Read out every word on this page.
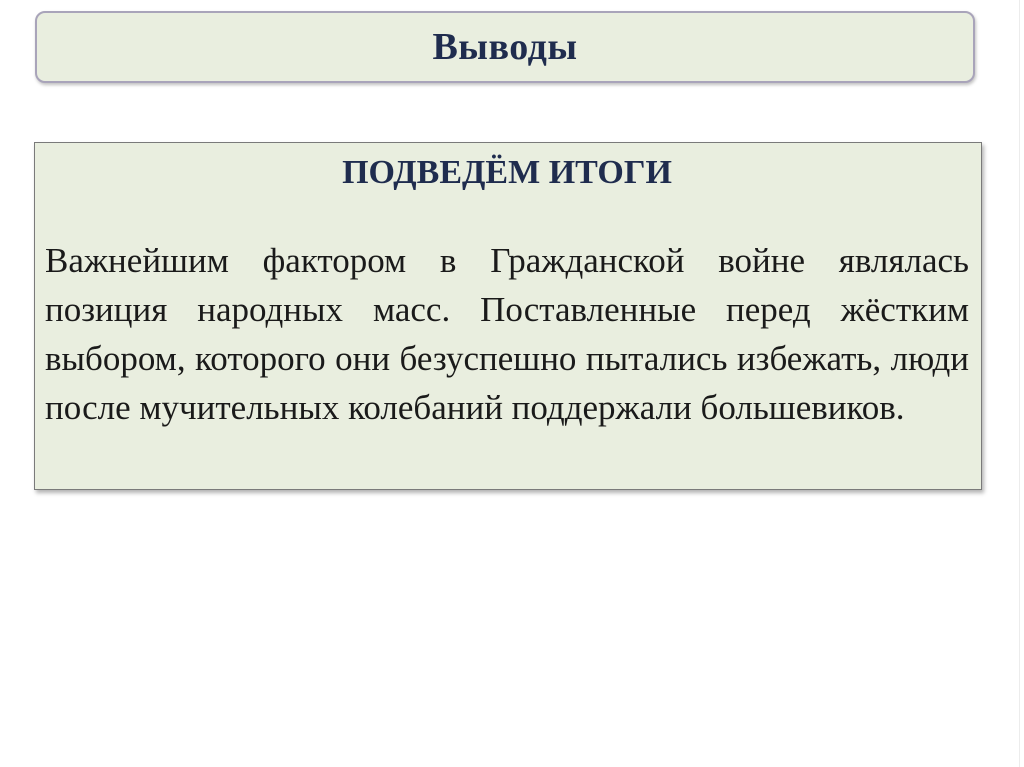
Выводы

ПОДВЕДЁМ ИТОГИ

Важнейшим фактором в Гражданской войне являлась позиция народных масс. Поставленные перед жёстким выбором, которого они безуспешно пытались избежать, люди после мучительных колебаний поддержали большевиков.
